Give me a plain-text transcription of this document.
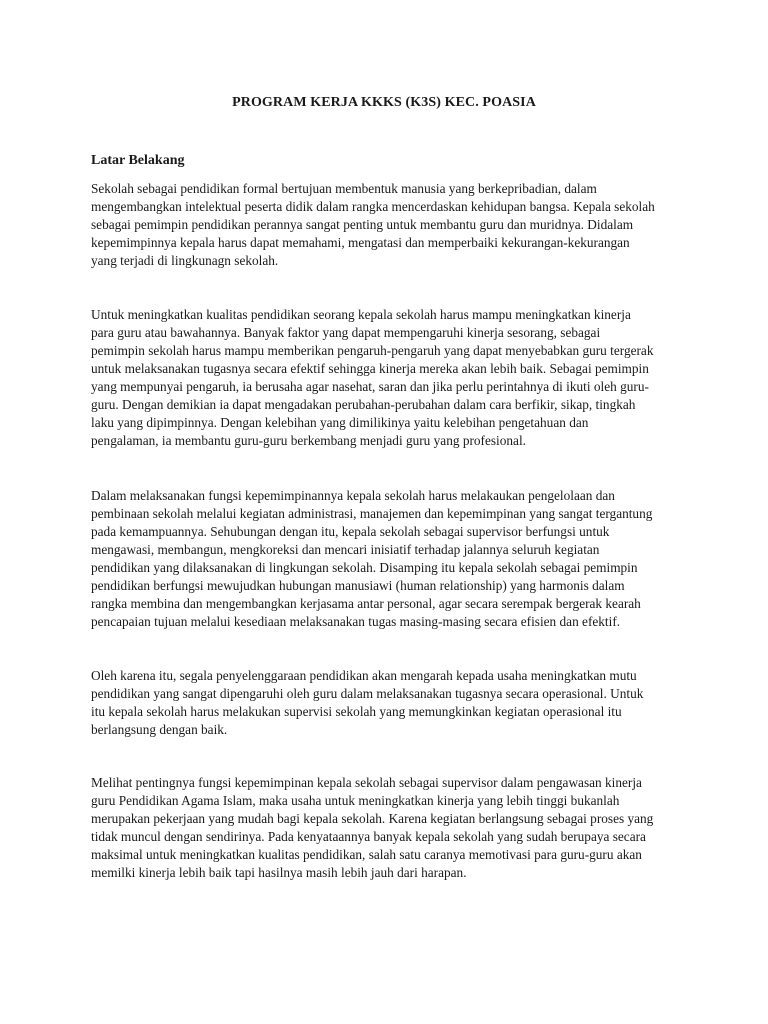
PROGRAM KERJA KKKS (K3S) KEC. POASIA
Latar Belakang

Sekolah sebagai pendidikan formal bertujuan membentuk manusia yang berkepribadian, dalam
mengembangkan intelektual peserta didik dalam rangka mencerdaskan kehidupan bangsa. Kepala sekolah
sebagai pemimpin pendidikan perannya sangat penting untuk membantu guru dan muridnya. Didalam
kepemimpinnya kepala harus dapat memahami, mengatasi dan memperbaiki kekurangan-kekurangan
yang terjadi di lingkunagn sekolah.

Untuk meningkatkan kualitas pendidikan seorang kepala sekolah harus mampu meningkatkan kinerja
para guru atau bawahannya. Banyak faktor yang dapat mempengaruhi kinerja sesorang, sebagai
pemimpin sekolah harus mampu memberikan pengaruh-pengaruh yang dapat menyebabkan guru tergerak
untuk melaksanakan tugasnya secara efektif sehingga kinerja mereka akan lebih baik. Sebagai pemimpin
yang mempunyai pengaruh, ia berusaha agar nasehat, saran dan jika perlu perintahnya di ikuti oleh guru-
guru. Dengan demikian ia dapat mengadakan perubahan-perubahan dalam cara berfikir, sikap, tingkah
laku yang dipimpinnya. Dengan kelebihan yang dimilikinya yaitu kelebihan pengetahuan dan
pengalaman, ia membantu guru-guru berkembang menjadi guru yang profesional.

Dalam melaksanakan fungsi kepemimpinannya kepala sekolah harus melakaukan pengelolaan dan
pembinaan sekolah melalui kegiatan administrasi, manajemen dan kepemimpinan yang sangat tergantung
pada kemampuannya. Sehubungan dengan itu, kepala sekolah sebagai supervisor berfungsi untuk
mengawasi, membangun, mengkoreksi dan mencari inisiatif terhadap jalannya seluruh kegiatan
pendidikan yang dilaksanakan di lingkungan sekolah. Disamping itu kepala sekolah sebagai pemimpin
pendidikan berfungsi mewujudkan hubungan manusiawi (human relationship) yang harmonis dalam
rangka membina dan mengembangkan kerjasama antar personal, agar secara serempak bergerak kearah
pencapaian tujuan melalui kesediaan melaksanakan tugas masing-masing secara efisien dan efektif.

Oleh karena itu, segala penyelenggaraan pendidikan akan mengarah kepada usaha meningkatkan mutu
pendidikan yang sangat dipengaruhi oleh guru dalam melaksanakan tugasnya secara operasional. Untuk
itu kepala sekolah harus melakukan supervisi sekolah yang memungkinkan kegiatan operasional itu
berlangsung dengan baik.

Melihat pentingnya fungsi kepemimpinan kepala sekolah sebagai supervisor dalam pengawasan kinerja
guru Pendidikan Agama Islam, maka usaha untuk meningkatkan kinerja yang lebih tinggi bukanlah
merupakan pekerjaan yang mudah bagi kepala sekolah. Karena kegiatan berlangsung sebagai proses yang
tidak muncul dengan sendirinya. Pada kenyataannya banyak kepala sekolah yang sudah berupaya secara
maksimal untuk meningkatkan kualitas pendidikan, salah satu caranya memotivasi para guru-guru akan
memilki kinerja lebih baik tapi hasilnya masih lebih jauh dari harapan.
